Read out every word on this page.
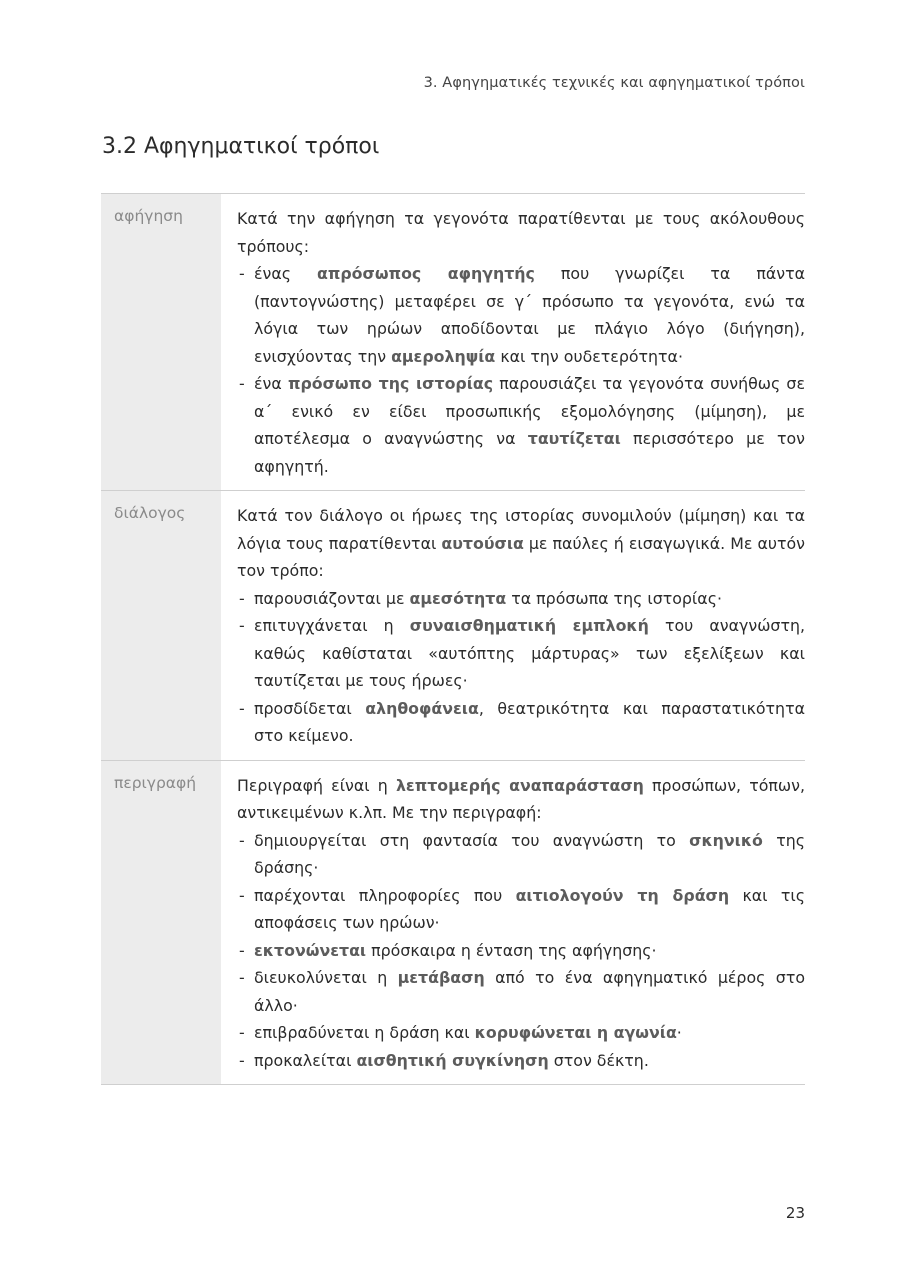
3. Αφηγηματικές τεχνικές και αφηγηματικοί τρόποι
3.2 Αφηγηματικοί τρόποι
αφήγηση	Κατά την αφήγηση τα γεγονότα παρατίθενται με τους ακόλουθους τρόπους:

- ένας απρόσωπος αφηγητής που γνωρίζει τα πάντα (παντογνώστης) μεταφέρει σε γ΄ πρόσωπο τα γεγονότα, ενώ τα λόγια των ηρώων αποδίδονται με πλάγιο λόγο (διήγηση), ενισχύοντας την αμεροληψία και την ουδετερότητα·
- ένα πρόσωπο της ιστορίας παρουσιάζει τα γεγονότα συνήθως σε α΄ ενικό εν είδει προσωπικής εξομολόγησης (μίμηση), με αποτέλεσμα ο αναγνώστης να ταυτίζεται περισσότερο με τον αφηγητή.
διάλογος	Κατά τον διάλογο οι ήρωες της ιστορίας συνομιλούν (μίμηση) και τα λόγια τους παρατίθενται αυτούσια με παύλες ή εισαγωγικά. Με αυτόν τον τρόπο:

- παρουσιάζονται με αμεσότητα τα πρόσωπα της ιστορίας·
- επιτυγχάνεται η συναισθηματική εμπλοκή του αναγνώστη, καθώς καθίσταται «αυτόπτης μάρτυρας» των εξελίξεων και ταυτίζεται με τους ήρωες·
- προσδίδεται αληθοφάνεια, θεατρικότητα και παραστατικότητα στο κείμενο.
περιγραφή	Περιγραφή είναι η λεπτομερής αναπαράσταση προσώπων, τόπων, αντικειμένων κ.λπ. Με την περιγραφή:

- δημιουργείται στη φαντασία του αναγνώστη το σκηνικό της δράσης·
- παρέχονται πληροφορίες που αιτιολογούν τη δράση και τις αποφάσεις των ηρώων·
- εκτονώνεται πρόσκαιρα η ένταση της αφήγησης·
- διευκολύνεται η μετάβαση από το ένα αφηγηματικό μέρος στο άλλο·
- επιβραδύνεται η δράση και κορυφώνεται η αγωνία·
- προκαλείται αισθητική συγκίνηση στον δέκτη.
23
